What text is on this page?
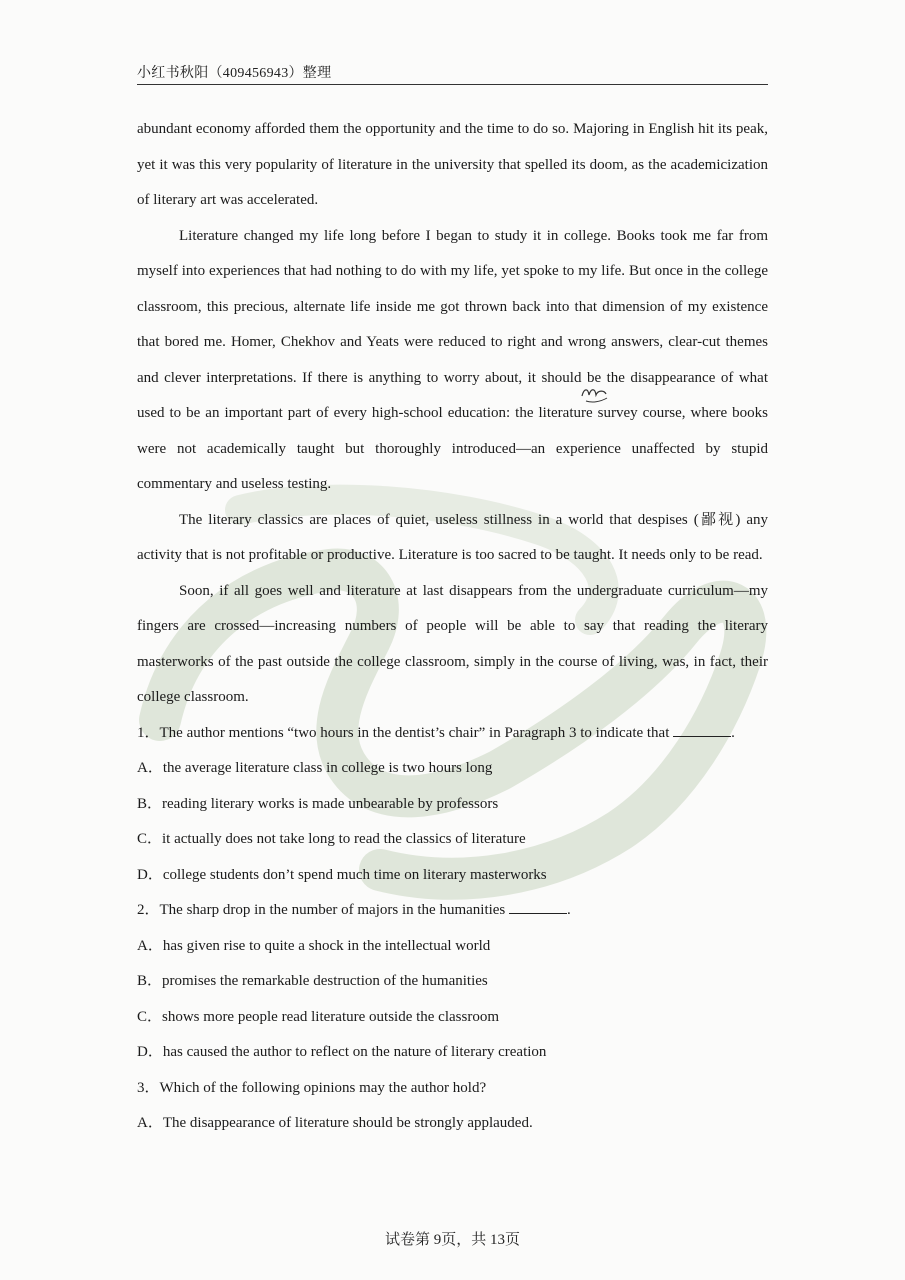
小红书秋阳（409456943）整理

abundant economy afforded them the opportunity and the time to do so. Majoring in English hit its peak, yet it was this very popularity of literature in the university that spelled its doom, as the academicization of literary art was accelerated.

Literature changed my life long before I began to study it in college. Books took me far from myself into experiences that had nothing to do with my life, yet spoke to my life. But once in the college classroom, this precious, alternate life inside me got thrown back into that dimension of my existence that bored me. Homer, Chekhov and Yeats were reduced to right and wrong answers, clear-cut themes and clever interpretations. If there is anything to worry about, it should be the disappearance of what used to be an important part of every high-school education: the literature survey course, where books were not academically taught but thoroughly introduced—an experience unaffected by stupid commentary and useless testing.

The literary classics are places of quiet, useless stillness in a world that despises (鄙视) any activity that is not profitable or productive. Literature is too sacred to be taught. It needs only to be read.

Soon, if all goes well and literature at last disappears from the undergraduate curriculum—my fingers are crossed—increasing numbers of people will be able to say that reading the literary masterworks of the past outside the college classroom, simply in the course of living, was, in fact, their college classroom.

1．The author mentions “two hours in the dentist’s chair” in Paragraph 3 to indicate that	.

A．the average literature class in college is two hours long

B．reading literary works is made unbearable by professors

C．it actually does not take long to read the classics of literature

D．college students don’t spend much time on literary masterworks

2．The sharp drop in the number of majors in the humanities	.

A．has given rise to quite a shock in the intellectual world

B．promises the remarkable destruction of the humanities

C．shows more people read literature outside the classroom

D．has caused the author to reflect on the nature of literary creation

3．Which of the following opinions may the author hold?

A．The disappearance of literature should be strongly applauded.

试卷第 9页，共 13页
